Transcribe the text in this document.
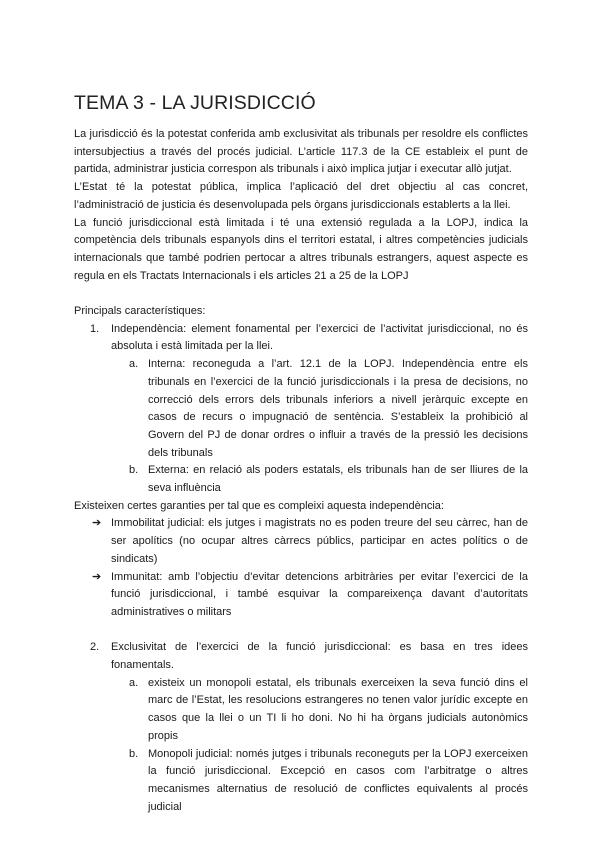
TEMA 3 - LA JURISDICCIÓ

La jurisdicció és la potestat conferida amb exclusivitat als tribunals per resoldre els conflictes intersubjectius a través del procés judicial. L’article 117.3 de la CE estableix el punt de partida, administrar justicia correspon als tribunals i això implica jutjar i executar allò jutjat.

L’Estat té la potestat pública, implica l’aplicació del dret objectiu al cas concret, l’administració de justicia és desenvolupada pels òrgans jurisdiccionals establerts a la llei.

La funció jurisdiccional està limitada i té una extensió regulada a la LOPJ, indica la competència dels tribunals espanyols dins el territori estatal, i altres competències judicials internacionals que també podrien pertocar a altres tribunals estrangers, aquest aspecte es regula en els Tractats Internacionals i els articles 21 a 25 de la LOPJ

Principals característiques:

1. Independència: element fonamental per l’exercici de l’activitat jurisdiccional, no és absoluta i està limitada per la llei.
a. Interna: reconeguda a l’art. 12.1 de la LOPJ. Independència entre els tribunals en l’exercici de la funció jurisdiccionals i la presa de decisions, no correcció dels errors dels tribunals inferiors a nivell jeràrquic excepte en casos de recurs o impugnació de sentència. S’estableix la prohibició al Govern del PJ de donar ordres o influir a través de la pressió les decisions dels tribunals
b. Externa: en relació als poders estatals, els tribunals han de ser lliures de la seva influència

Existeixen certes garanties per tal que es compleixi aquesta independència:

➔ Immobilitat judicial: els jutges i magistrats no es poden treure del seu càrrec, han de ser apolítics (no ocupar altres càrrecs públics, participar en actes polítics o de sindicats)
➔ Immunitat: amb l’objectiu d’evitar detencions arbitràries per evitar l’exercici de la funció jurisdiccional, i també esquivar la compareixença davant d’autoritats administratives o militars
2. Exclusivitat de l’exercici de la funció jurisdiccional: es basa en tres idees fonamentals.
a. existeix un monopoli estatal, els tribunals exerceixen la seva funció dins el marc de l’Estat, les resolucions estrangeres no tenen valor jurídic excepte en casos que la llei o un TI li ho doni. No hi ha òrgans judicials autonòmics propis
b. Monopoli judicial: només jutges i tribunals reconeguts per la LOPJ exerceixen la funció jurisdiccional. Excepció en casos com l’arbitratge o altres mecanismes alternatius de resolució de conflictes equivalents al procés judicial
